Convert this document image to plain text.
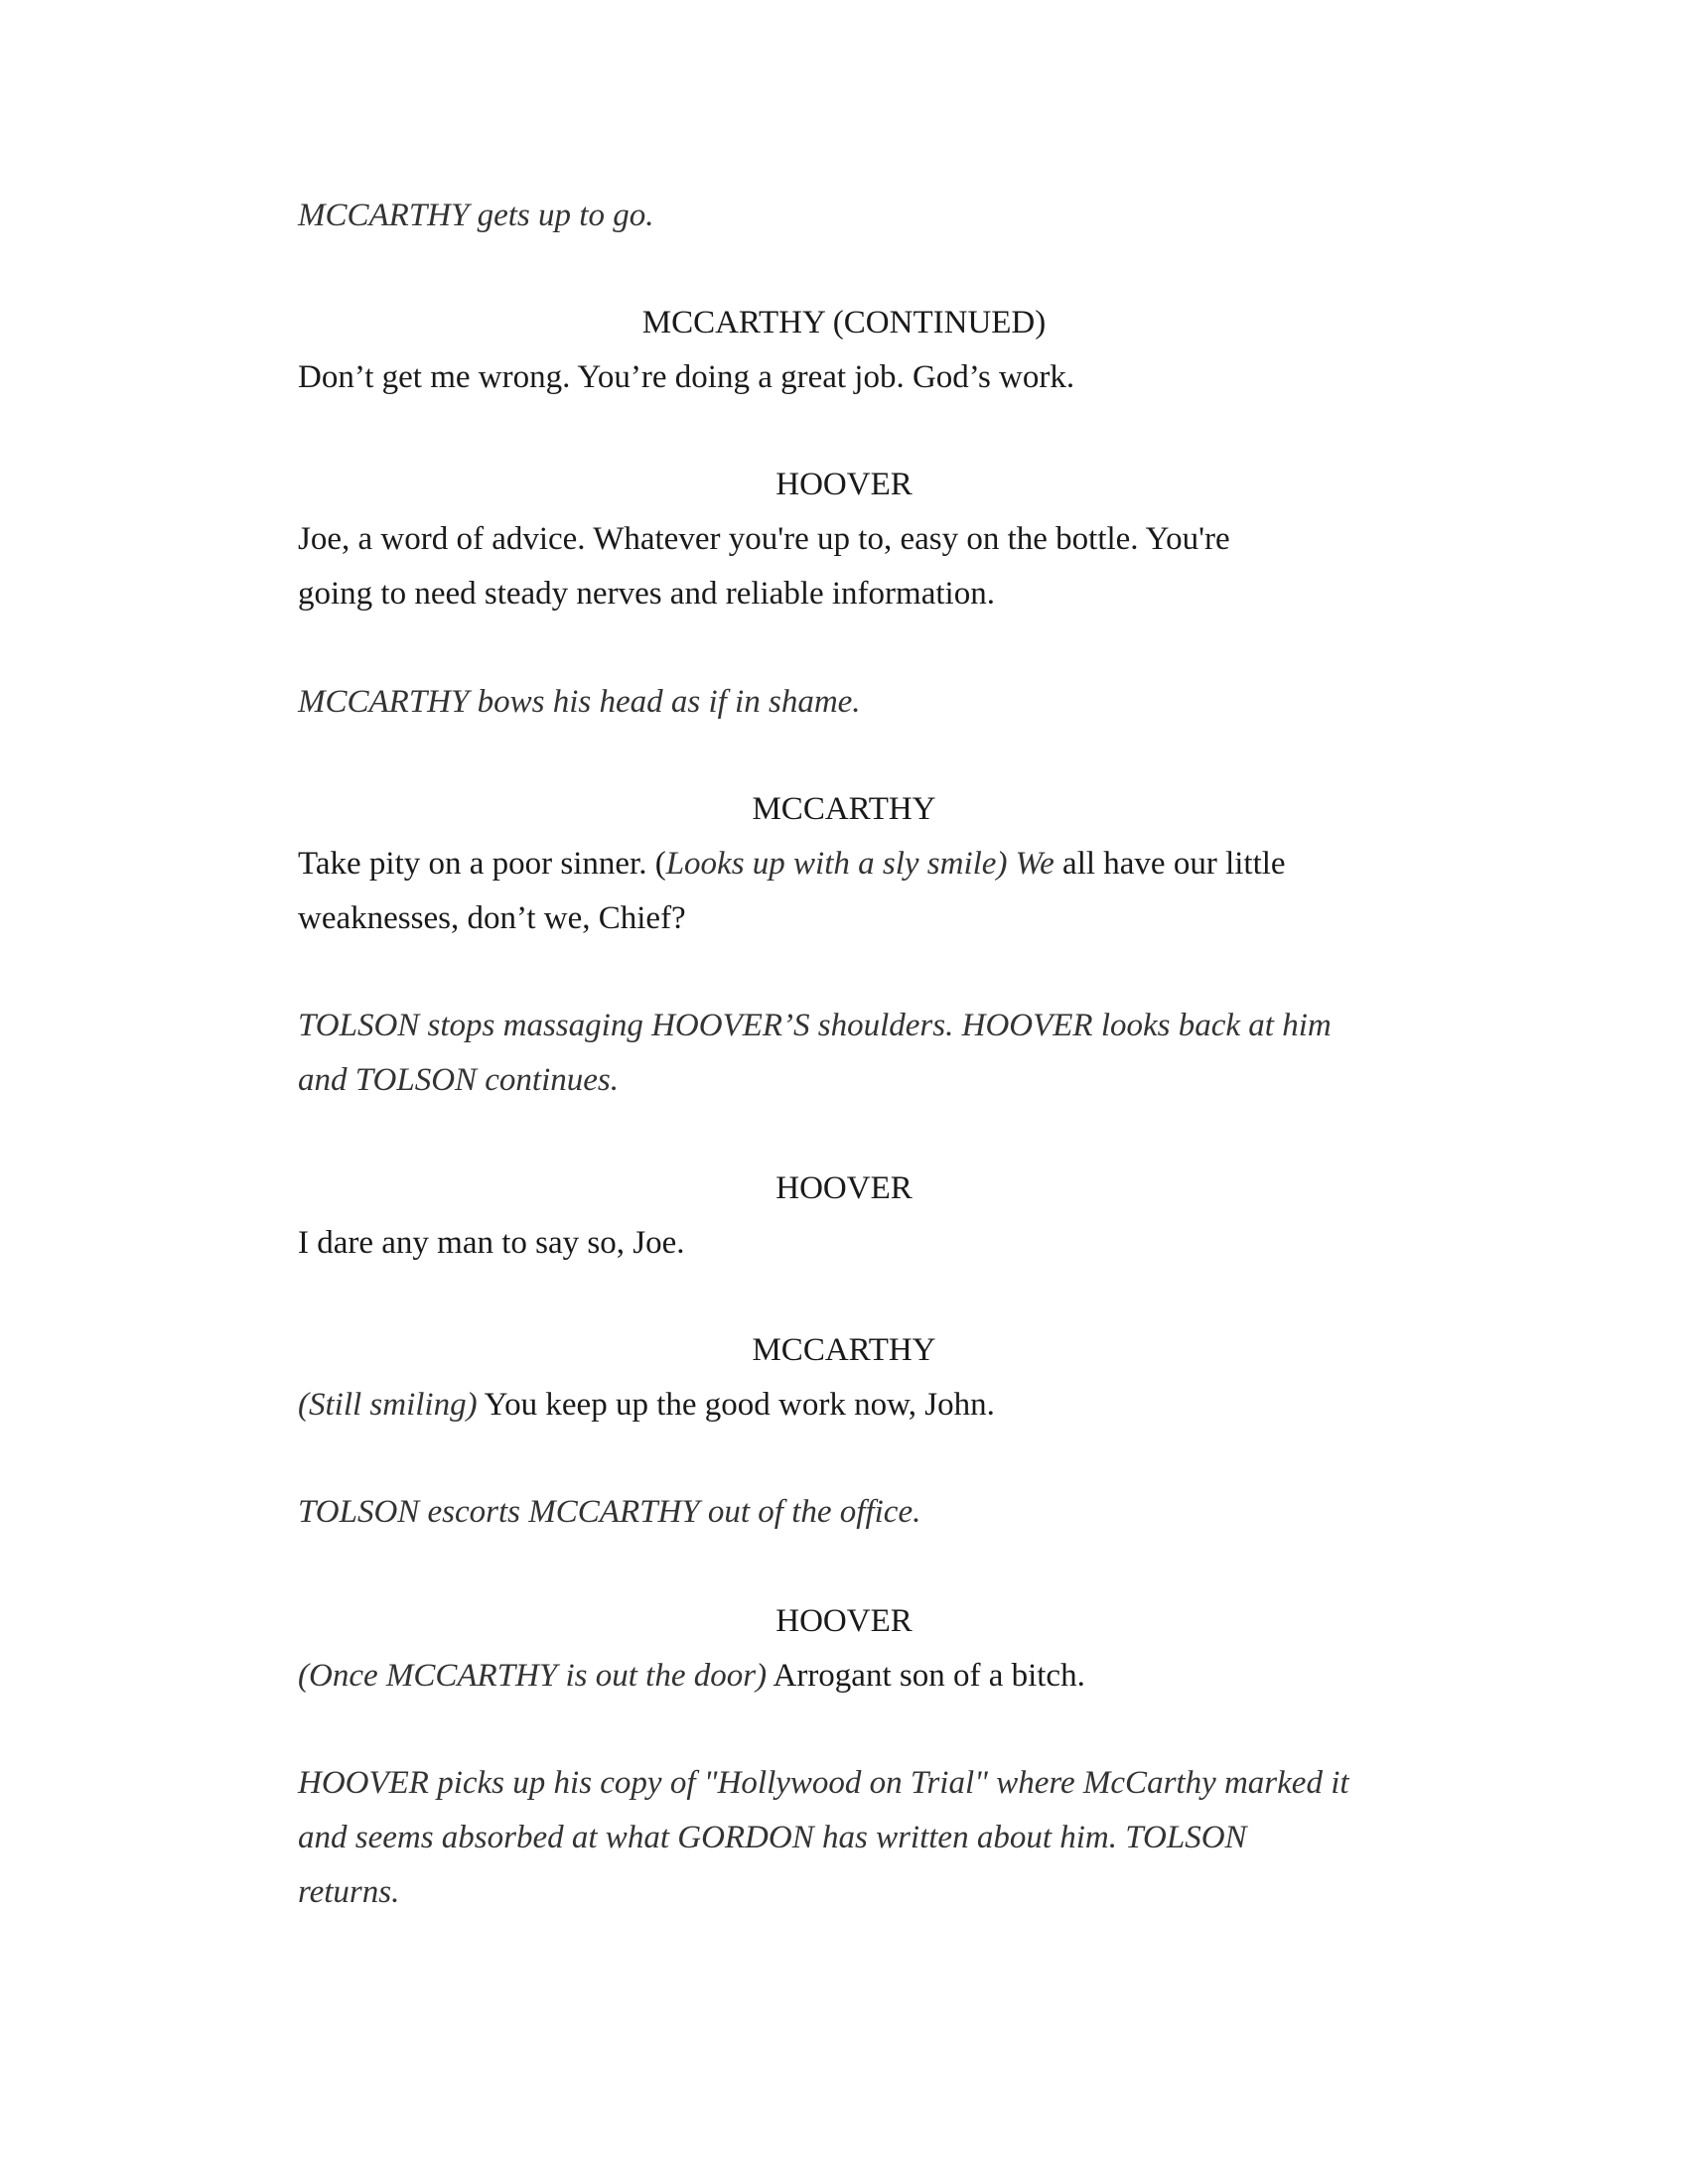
MCCARTHY gets up to go.
MCCARTHY (CONTINUED)
Don’t get me wrong. You’re doing a great job. God’s work.
HOOVER
Joe, a word of advice. Whatever you're up to, easy on the bottle. You're
going to need steady nerves and reliable information.
MCCARTHY bows his head as if in shame.
MCCARTHY
Take pity on a poor sinner. (Looks up with a sly smile) We all have our little
weaknesses, don’t we, Chief?
TOLSON stops massaging HOOVER’S shoulders. HOOVER looks back at him
and TOLSON continues.
HOOVER
I dare any man to say so, Joe.
MCCARTHY
(Still smiling) You keep up the good work now, John.
TOLSON escorts MCCARTHY out of the office.
HOOVER
(Once MCCARTHY is out the door) Arrogant son of a bitch.
HOOVER picks up his copy of "Hollywood on Trial" where McCarthy marked it
and seems absorbed at what GORDON has written about him. TOLSON
returns.
